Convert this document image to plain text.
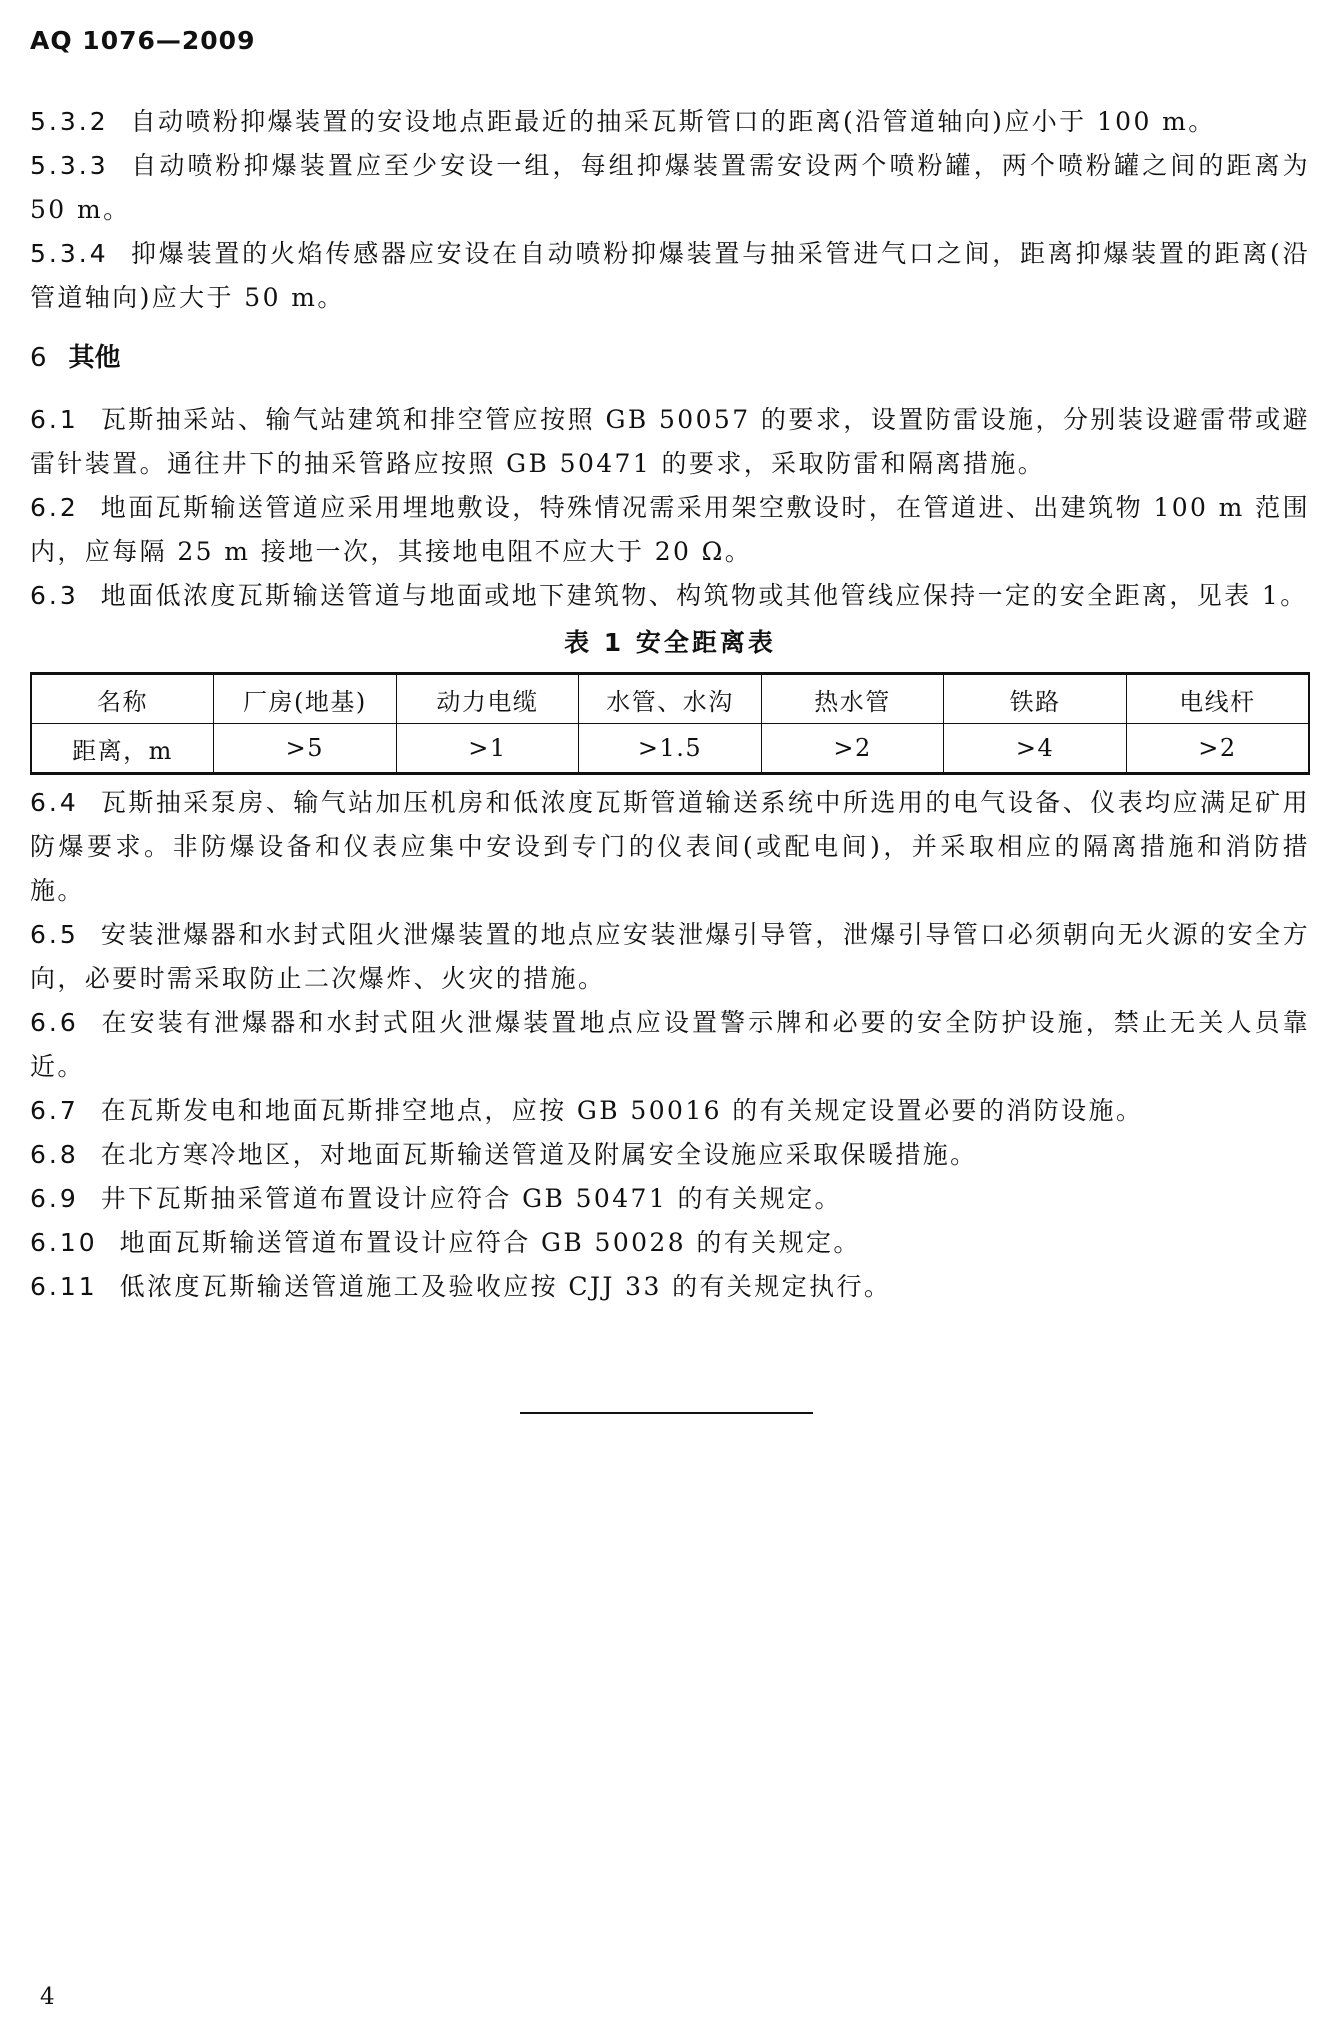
AQ 1076—2009

5.3.2 自动喷粉抑爆装置的安设地点距最近的抽采瓦斯管口的距离(沿管道轴向)应小于 100 m。

5.3.3 自动喷粉抑爆装置应至少安设一组，每组抑爆装置需安设两个喷粉罐，两个喷粉罐之间的距离为 50 m。

5.3.4 抑爆装置的火焰传感器应安设在自动喷粉抑爆装置与抽采管进气口之间，距离抑爆装置的距离(沿管道轴向)应大于 50 m。

6 其他

6.1 瓦斯抽采站、输气站建筑和排空管应按照 GB 50057 的要求，设置防雷设施，分别装设避雷带或避雷针装置。通往井下的抽采管路应按照 GB 50471 的要求，采取防雷和隔离措施。

6.2 地面瓦斯输送管道应采用埋地敷设，特殊情况需采用架空敷设时，在管道进、出建筑物 100 m 范围内，应每隔 25 m 接地一次，其接地电阻不应大于 20 Ω。

6.3 地面低浓度瓦斯输送管道与地面或地下建筑物、构筑物或其他管线应保持一定的安全距离，见表 1。

表 1 安全距离表
名称	厂房(地基)	动力电缆	水管、水沟	热水管	铁路	电线杆
距离，m	>5	>1	>1.5	>2	>4	>2

6.4 瓦斯抽采泵房、输气站加压机房和低浓度瓦斯管道输送系统中所选用的电气设备、仪表均应满足矿用防爆要求。非防爆设备和仪表应集中安设到专门的仪表间(或配电间)，并采取相应的隔离措施和消防措施。

6.5 安装泄爆器和水封式阻火泄爆装置的地点应安装泄爆引导管，泄爆引导管口必须朝向无火源的安全方向，必要时需采取防止二次爆炸、火灾的措施。

6.6 在安装有泄爆器和水封式阻火泄爆装置地点应设置警示牌和必要的安全防护设施，禁止无关人员靠近。

6.7 在瓦斯发电和地面瓦斯排空地点，应按 GB 50016 的有关规定设置必要的消防设施。

6.8 在北方寒冷地区，对地面瓦斯输送管道及附属安全设施应采取保暖措施。

6.9 井下瓦斯抽采管道布置设计应符合 GB 50471 的有关规定。

6.10 地面瓦斯输送管道布置设计应符合 GB 50028 的有关规定。

6.11 低浓度瓦斯输送管道施工及验收应按 CJJ 33 的有关规定执行。

4
